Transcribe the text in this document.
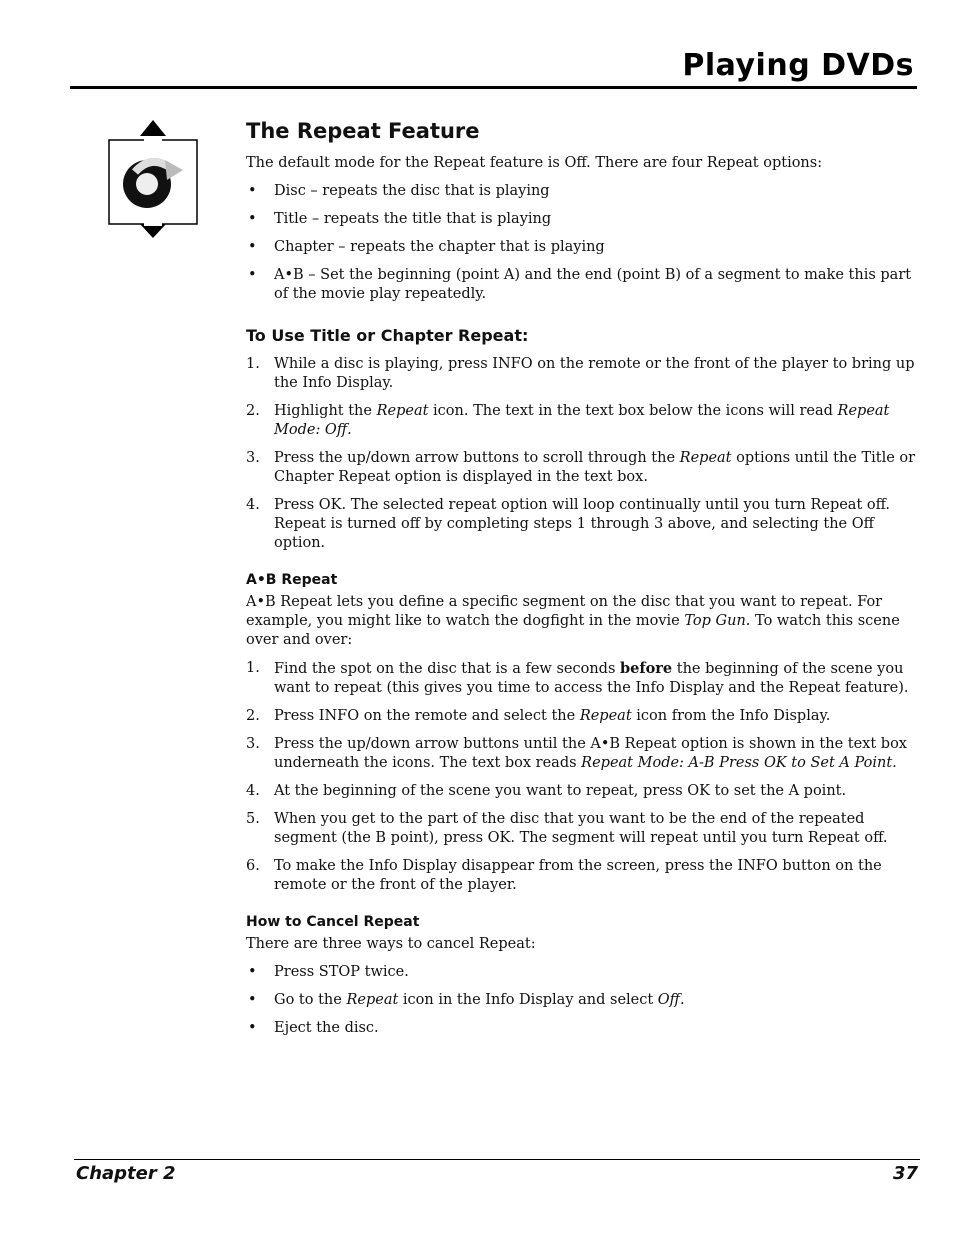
Playing DVDs
The Repeat Feature

The default mode for the Repeat feature is Off. There are four Repeat options:

• Disc – repeats the disc that is playing
• Title – repeats the title that is playing
• Chapter – repeats the chapter that is playing
• A•B – Set the beginning (point A) and the end (point B) of a segment to make this part of the movie play repeatedly.
To Use Title or Chapter Repeat:
1. While a disc is playing, press INFO on the remote or the front of the player to bring up the Info Display.
2. Highlight the Repeat icon. The text in the text box below the icons will read Repeat Mode: Off.
3. Press the up/down arrow buttons to scroll through the Repeat options until the Title or Chapter Repeat option is displayed in the text box.
4. Press OK. The selected repeat option will loop continually until you turn Repeat off. Repeat is turned off by completing steps 1 through 3 above, and selecting the Off option.
A•B Repeat

A•B Repeat lets you define a specific segment on the disc that you want to repeat. For example, you might like to watch the dogfight in the movie Top Gun. To watch this scene over and over:

1. Find the spot on the disc that is a few seconds before the beginning of the scene you want to repeat (this gives you time to access the Info Display and the Repeat feature).
2. Press INFO on the remote and select the Repeat icon from the Info Display.
3. Press the up/down arrow buttons until the A•B Repeat option is shown in the text box underneath the icons. The text box reads Repeat Mode: A-B Press OK to Set A Point.
4. At the beginning of the scene you want to repeat, press OK to set the A point.
5. When you get to the part of the disc that you want to be the end of the repeated segment (the B point), press OK. The segment will repeat until you turn Repeat off.
6. To make the Info Display disappear from the screen, press the INFO button on the remote or the front of the player.
How to Cancel Repeat

There are three ways to cancel Repeat:

• Press STOP twice.
• Go to the Repeat icon in the Info Display and select Off.
• Eject the disc.
Chapter 2	37
